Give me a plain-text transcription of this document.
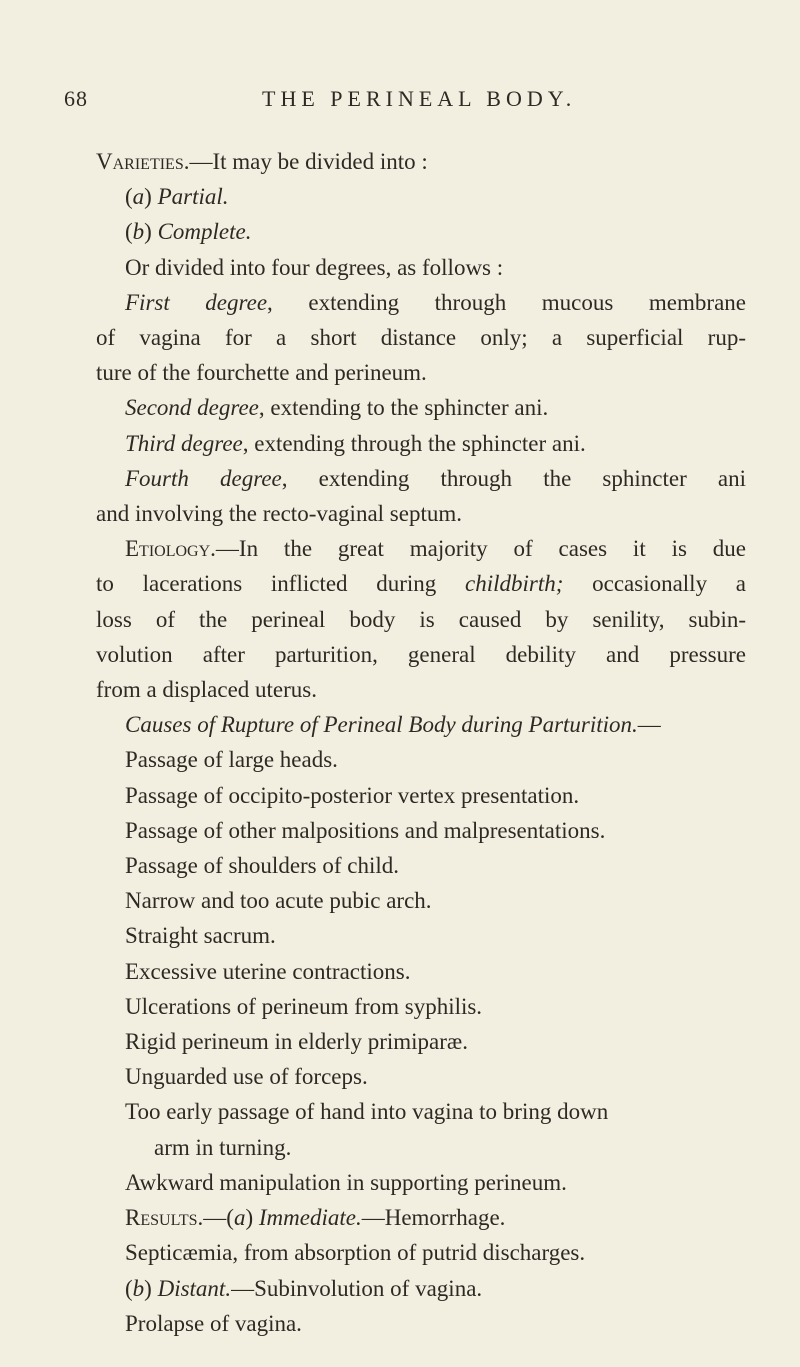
68	THE PERINEAL BODY.
Varieties.—It may be divided into :
(a) Partial.
(b) Complete.
Or divided into four degrees, as follows :
First degree, extending through mucous membrane
of vagina for a short distance only; a superficial rup-
ture of the fourchette and perineum.
Second degree, extending to the sphincter ani.
Third degree, extending through the sphincter ani.
Fourth degree, extending through the sphincter ani
and involving the recto-vaginal septum.
Etiology.—In the great majority of cases it is due
to lacerations inflicted during childbirth; occasionally a
loss of the perineal body is caused by senility, subin-
volution after parturition, general debility and pressure
from a displaced uterus.
Causes of Rupture of Perineal Body during Parturition.—
Passage of large heads.
Passage of occipito-posterior vertex presentation.
Passage of other malpositions and malpresentations.
Passage of shoulders of child.
Narrow and too acute pubic arch.
Straight sacrum.
Excessive uterine contractions.
Ulcerations of perineum from syphilis.
Rigid perineum in elderly primiparæ.
Unguarded use of forceps.
Too early passage of hand into vagina to bring down
arm in turning.
Awkward manipulation in supporting perineum.
Results.—(a) Immediate.—Hemorrhage.
Septicæmia, from absorption of putrid discharges.
(b) Distant.—Subinvolution of vagina.
Prolapse of vagina.
